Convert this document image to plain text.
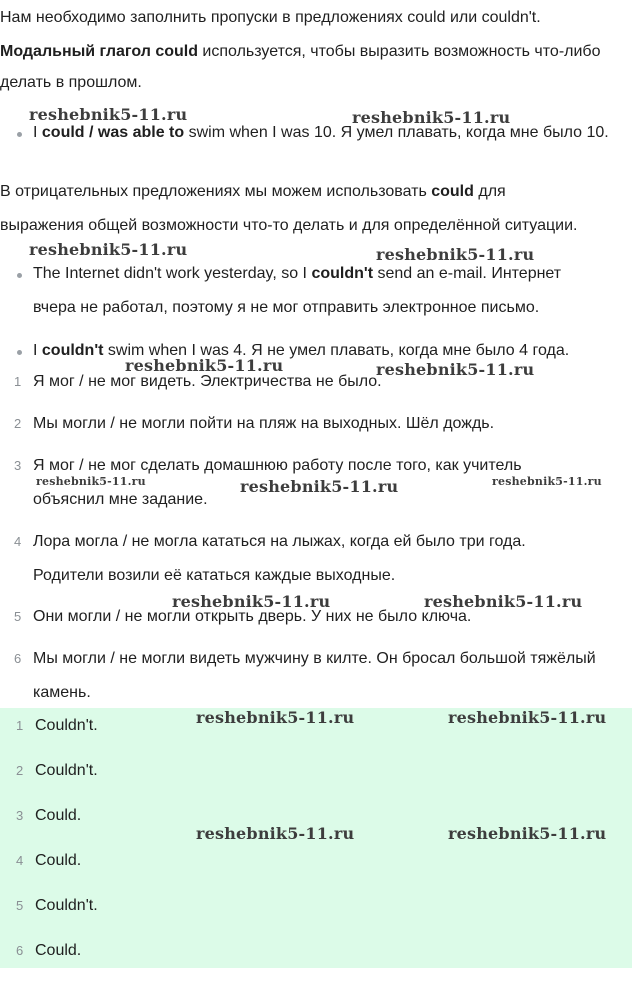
Нам необходимо заполнить пропуски в предложениях could или couldn't.
Модальный глагол could используется, чтобы выразить возможность что-либо
делать в прошлом.
I could / was able to swim when I was 10. Я умел плавать, когда мне было 10.
В отрицательных предложениях мы можем использовать could для
выражения общей возможности что-то делать и для определённой ситуации.
The Internet didn't work yesterday, so I couldn't send an e-mail. Интернет
вчера не работал, поэтому я не мог отправить электронное письмо.
I couldn't swim when I was 4. Я не умел плавать, когда мне было 4 года.
1 Я мог / не мог видеть. Электричества не было.
2 Мы могли / не могли пойти на пляж на выходных. Шёл дождь.
3 Я мог / не мог сделать домашнюю работу после того, как учитель
объяснил мне задание.
4 Лора могла / не могла кататься на лыжах, когда ей было три года.
Родители возили её кататься каждые выходные.
5 Они могли / не могли открыть дверь. У них не было ключа.
6 Мы могли / не могли видеть мужчину в килте. Он бросал большой тяжёлый
камень.
1 Couldn't.
2 Couldn't.
3 Could.
4 Could.
5 Couldn't.
6 Could.
reshebnik5-11.ru	reshebnik5-11.ru
reshebnik5-11.ru	reshebnik5-11.ru
reshebnik5-11.ru	reshebnik5-11.ru
reshebnik5-11.ru	reshebnik5-11.ru	reshebnik5-11.ru
reshebnik5-11.ru	reshebnik5-11.ru
reshebnik5-11.ru	reshebnik5-11.ru
reshebnik5-11.ru	reshebnik5-11.ru
